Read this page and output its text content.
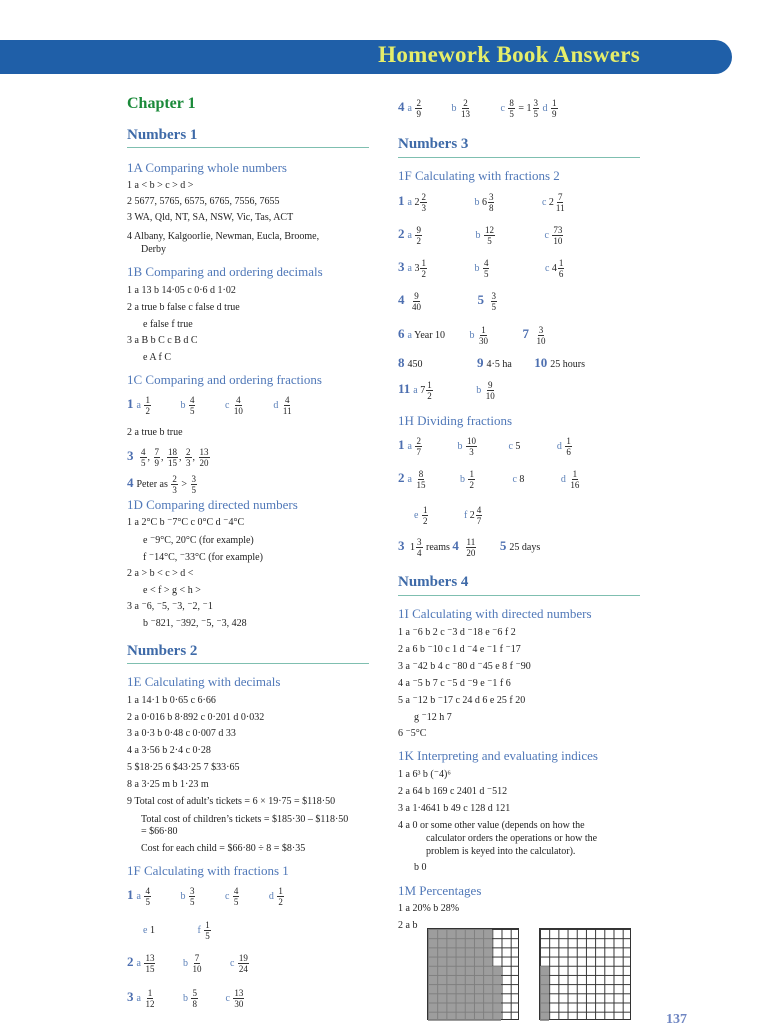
Homework Book Answers
Chapter 1
Numbers 1
1A Comparing whole numbers
1 a < b > c > d >
2 5677, 5765, 6575, 6765, 7556, 7655
3 WA, Qld, NT, SA, NSW, Vic, Tas, ACT
4 Albany, Kalgoorlie, Newman, Eucla, Broome,
Derby
1B Comparing and ordering decimals
1 a 13 b 14·05 c 0·6 d 1·02
2 a true b false c false d true
e false f true
3 a B b C c B d C
e A f C
1C Comparing and ordering fractions
1 a $\frac{1}{2}$	b $\frac{4}{5}$	c $\frac{4}{10}$	d $\frac{4}{11}$
2 a true b true
$3 \frac{4}{5}$ , $\frac{7}{9}$ , $\frac{18}{15}$ , $\frac{2}{3}$ , $\frac{13}{20}$
4 Peter as $\frac{2}{3} > \frac{3}{5}$
1D Comparing directed numbers
1 a 2°C b ⁻7°C c 0°C d ⁻4°C
e ⁻9°C, 20°C (for example)
f ⁻14°C, ⁻33°C (for example)
2 a > b < c > d <
e < f > g < h >
3 a ⁻6, ⁻5, ⁻3, ⁻2, ⁻1
b ⁻821, ⁻392, ⁻5, ⁻3, 428
Numbers 2
1E Calculating with decimals
1 a 14·1 b 0·65 c 6·66
2 a 0·016 b 8·892 c 0·201 d 0·032
3 a 0·3 b 0·48 c 0·007 d 33
4 a 3·56 b 2·4 c 0·28
5 $18·25 6 $43·25 7 $33·65
8 a 3·25 m b 1·23 m
9 Total cost of adult’s tickets = 6 × 19·75 = $118·50
Total cost of children’s tickets = $185·30 – $118·50
= $66·80
Cost for each child = $66·80 ÷ 8 = $8·35
1F Calculating with fractions 1
1 a $\frac{4}{5}$	b $\frac{3}{5}$	c $\frac{4}{5}$	d $\frac{1}{2}$
e 1	f $\frac{1}{5}$
2 a $\frac{13}{15}$	b $\frac{7}{10}$	c $\frac{19}{24}$
3 a $\frac{1}{12}$	b $\frac{5}{8}$	c $\frac{13}{30}$
4 a $\frac{2}{9}$	b $\frac{2}{13}$	c $\frac{8}{5} = 1 \frac{3}{5}$ d $\frac{1}{9}$
Numbers 3
1F Calculating with fractions 2
1 a $2 \frac{2}{3}$	b $6 \frac{3}{8}$	c $2 \frac{7}{11}$
2 a $\frac{9}{2}$	b $\frac{12}{5}$	c $\frac{73}{10}$
3 a $3 \frac{1}{2}$	b $\frac{4}{5}$	c $4 \frac{1}{6}$
$4 \frac{9}{40}$	$5 \frac{3}{5}$
6 a Year 10 b $\frac{1}{30}$	$7 \frac{3}{10}$
8 450	9 4·5 ha 10 25 hours
11 a $7 \frac{1}{2}$	b $\frac{9}{10}$
1H Dividing fractions
1 a $\frac{2}{7}$	b $\frac{10}{3}$	c 5	d $\frac{1}{6}$
2 a $\frac{8}{15}$	b $\frac{1}{2}$	c 8	d $\frac{1}{16}$
e $\frac{1}{2}$	f $2 \frac{4}{7}$
3 $1 \frac{3}{4}$ reams $4 \frac{11}{20} 5$ 25 days
Numbers 4
1I Calculating with directed numbers
1 a ⁻6 b 2 c ⁻3 d ⁻18 e ⁻6 f 2
2 a 6 b ⁻10 c 1 d ⁻4 e ⁻1 f ⁻17
3 a ⁻42 b 4 c ⁻80 d ⁻45 e 8 f ⁻90
4 a ⁻5 b 7 c ⁻5 d ⁻9 e ⁻1 f 6
5 a ⁻12 b ⁻17 c 24 d 6 e 25 f 20
g ⁻12 h 7
6 ⁻5°C
1K Interpreting and evaluating indices
1 a 6³ b (⁻4)⁶
2 a 64 b 169 c 2401 d ⁻512
3 a 1·4641 b 49 c 128 d 121
4 a 0 or some other value (depends on how the
calculator orders the operations or how the
problem is keyed into the calculator).
b 0
1M Percentages
1 a 20% b 28%
2 a b
137
